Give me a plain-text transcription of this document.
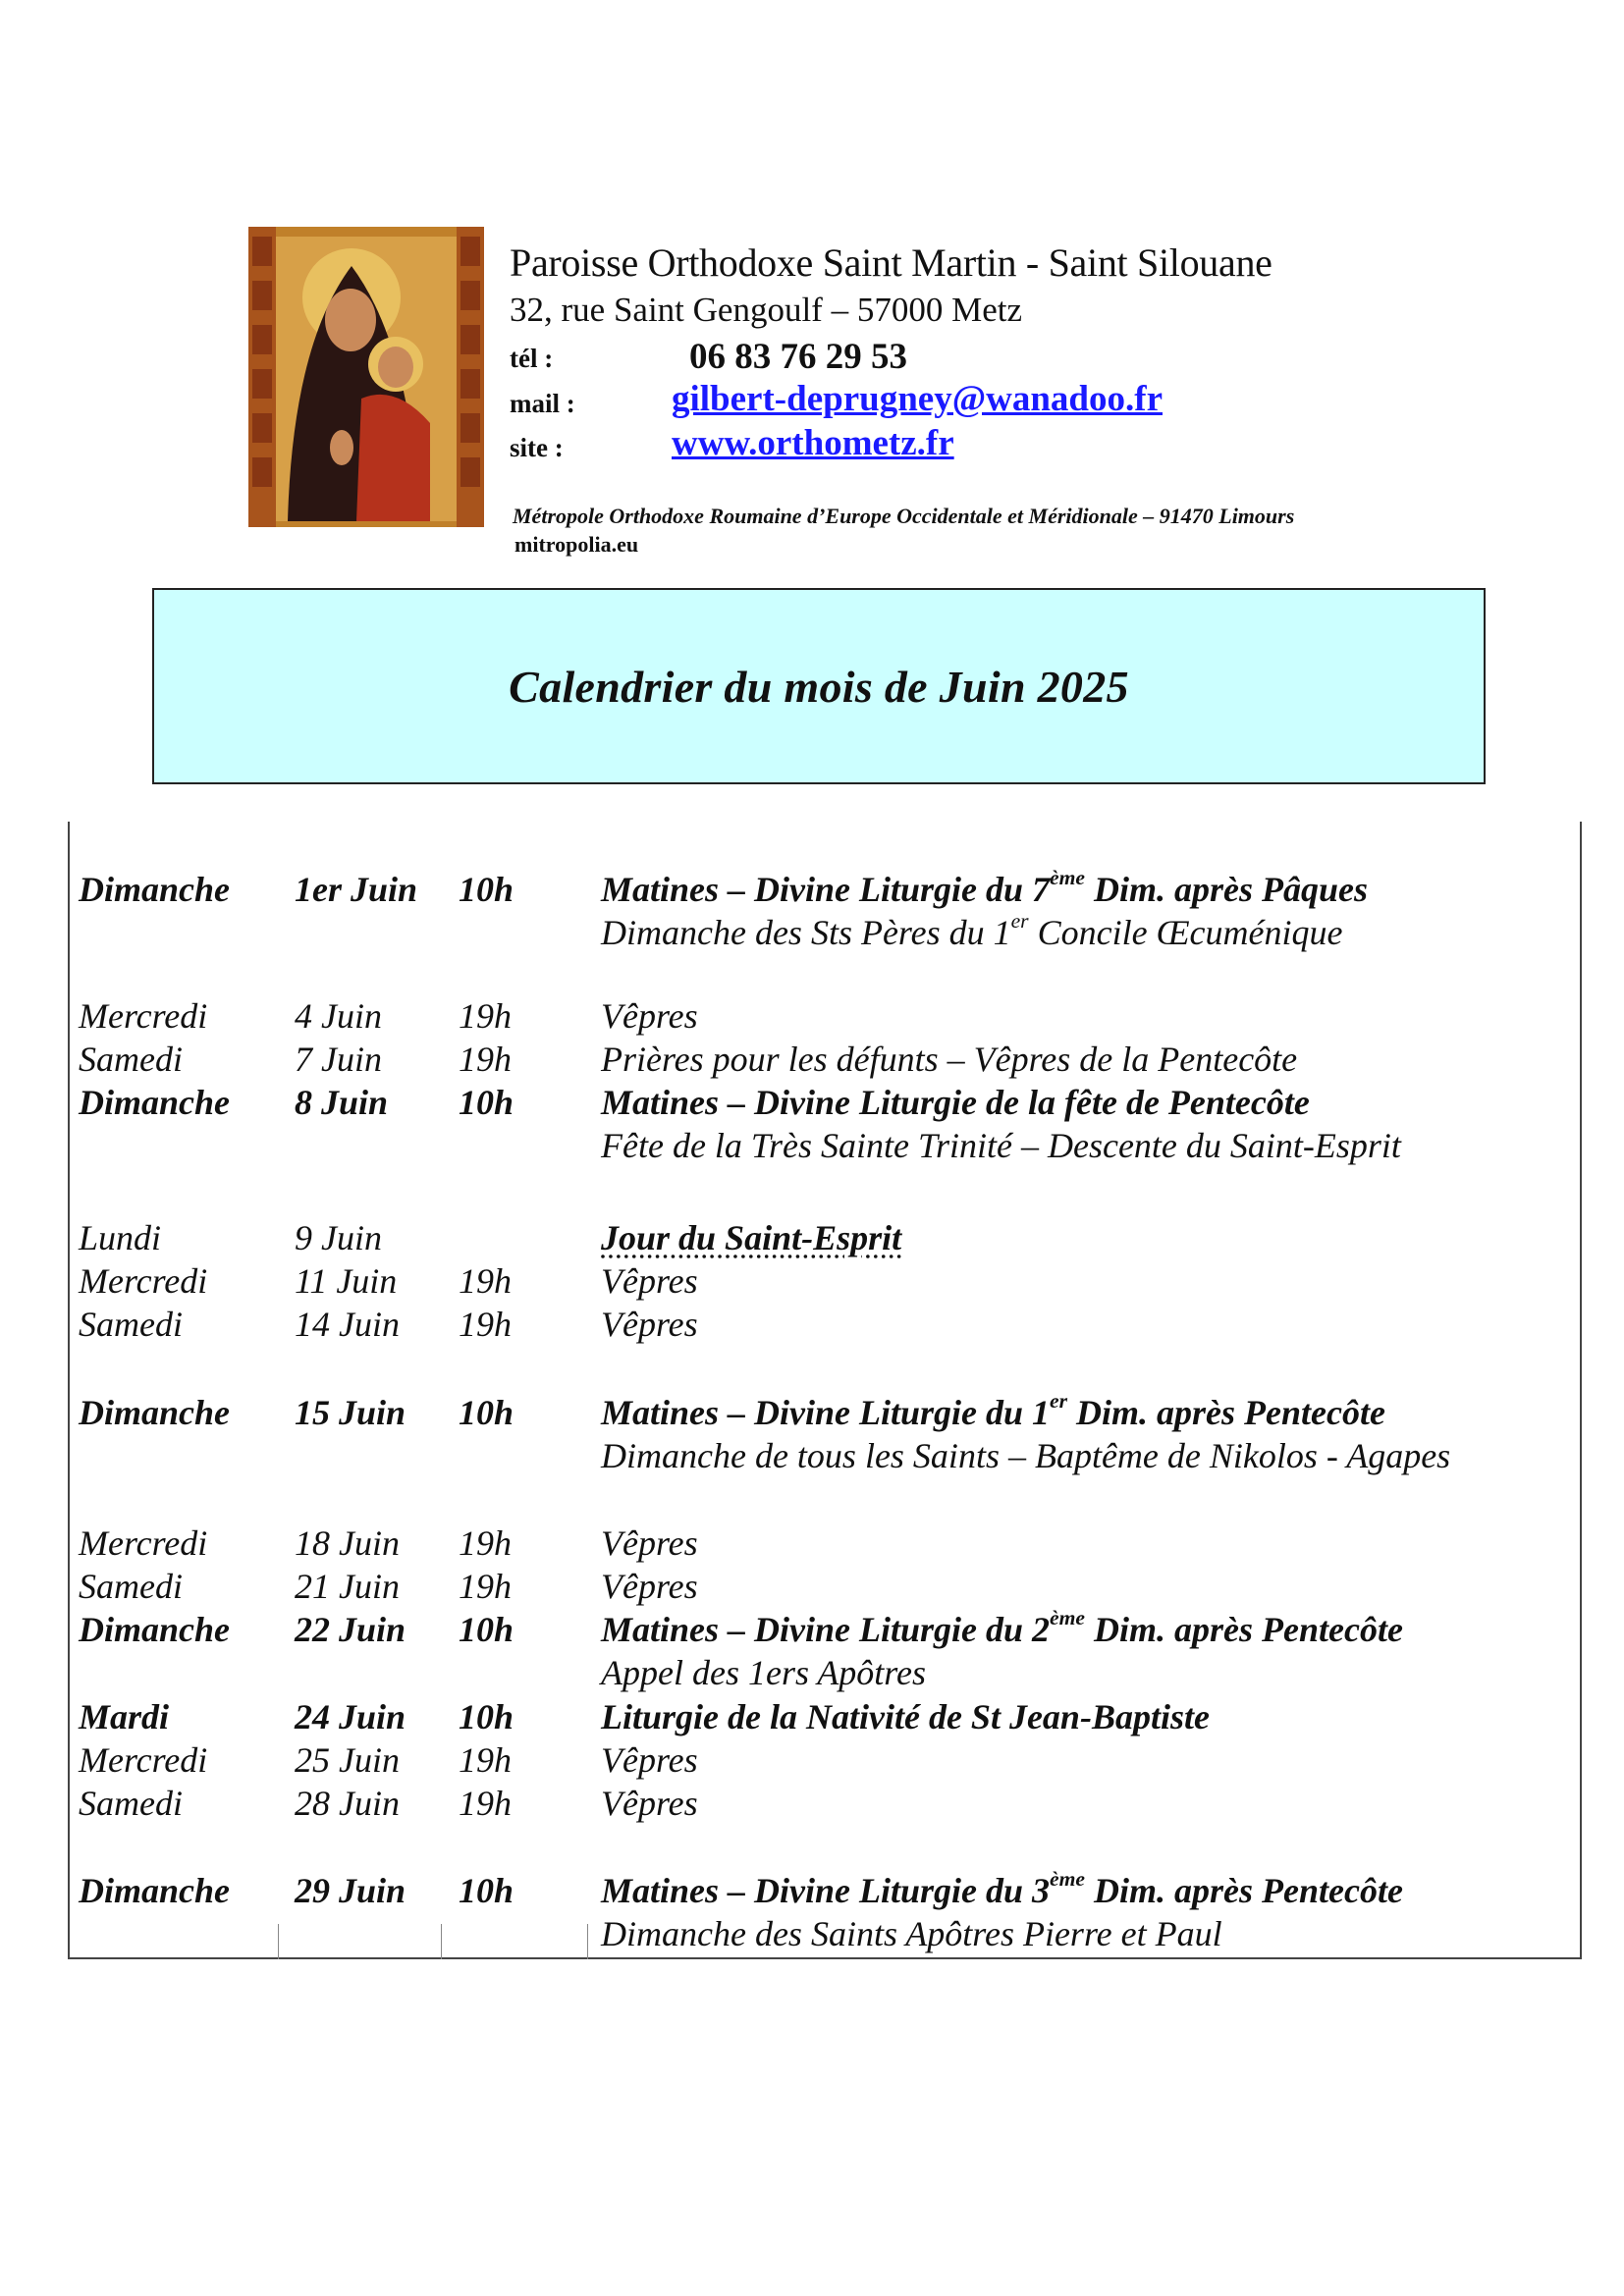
Paroisse Orthodoxe Saint Martin - Saint Silouane
32, rue Saint Gengoulf – 57000 Metz
tél :	06 83 76 29 53
mail :	gilbert-deprugney@wanadoo.fr
site :	www.orthometz.fr
Métropole Orthodoxe Roumaine d’Europe Occidentale et Méridionale – 91470 Limours
mitropolia.eu
Calendrier du mois de Juin 2025
Dimanche 1er Juin 10h Matines – Divine Liturgie du 7ème Dim. après Pâques
Dimanche des Sts Pères du 1er Concile Œcuménique
Mercredi 4 Juin 19h	Vêpres
Samedi	7 Juin 19h	Prières pour les défunts – Vêpres de la Pentecôte
Dimanche 8 Juin 10h Matines – Divine Liturgie de la fête de Pentecôte
Fête de la Très Sainte Trinité – Descente du Saint-Esprit
Lundi	9 Juin	Jour du Saint-Esprit
Mercredi 11 Juin 19h	Vêpres
Samedi	14 Juin 19h	Vêpres
Dimanche 15 Juin 10h Matines – Divine Liturgie du 1er Dim. après Pentecôte
Dimanche de tous les Saints – Baptême de Nikolos - Agapes
Mercredi 18 Juin 19h	Vêpres
Samedi	21 Juin 19h	Vêpres
Dimanche 22 Juin 10h Matines – Divine Liturgie du 2ème Dim. après Pentecôte
Appel des 1ers Apôtres
Mardi	24 Juin 10h Liturgie de la Nativité de St Jean-Baptiste
Mercredi 25 Juin 19h	Vêpres
Samedi	28 Juin 19h	Vêpres
Dimanche 29 Juin 10h Matines – Divine Liturgie du 3ème Dim. après Pentecôte
Dimanche des Saints Apôtres Pierre et Paul
